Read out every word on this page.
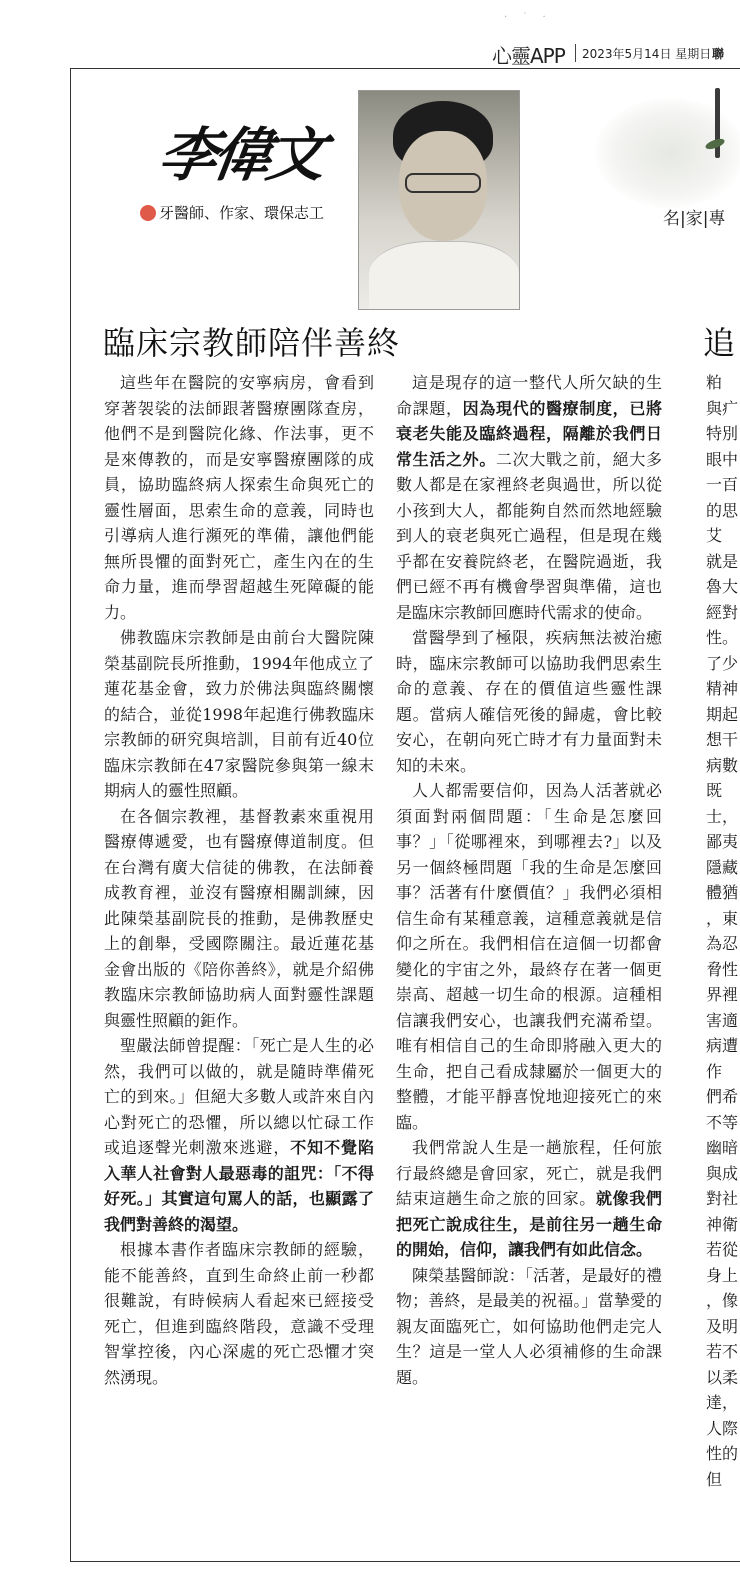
· ˙ ·
心靈APP 2023年5月14日 星期日 聯
李偉文
牙醫師、作家、環保志工	名|家|專
臨床宗教師陪伴善終	追

這些年在醫院的安寧病房，會看到穿著袈裟的法師跟著醫療團隊查房，他們不是到醫院化緣、作法事，更不是來傳教的，而是安寧醫療團隊的成員，協助臨終病人探索生命與死亡的靈性層面，思索生命的意義，同時也引導病人進行瀕死的準備，讓他們能無所畏懼的面對死亡，產生內在的生命力量，進而學習超越生死障礙的能力。

佛教臨床宗教師是由前台大醫院陳榮基副院長所推動，1994年他成立了蓮花基金會，致力於佛法與臨終關懷的結合，並從1998年起進行佛教臨床宗教師的研究與培訓，目前有近40位臨床宗教師在47家醫院參與第一線末期病人的靈性照顧。

在各個宗教裡，基督教素來重視用醫療傳遞愛，也有醫療傳道制度。但在台灣有廣大信徒的佛教，在法師養成教育裡，並沒有醫療相關訓練，因此陳榮基副院長的推動，是佛教歷史上的創舉，受國際關注。最近蓮花基金會出版的《陪你善終》，就是介紹佛教臨床宗教師協助病人面對靈性課題與靈性照顧的鉅作。

聖嚴法師曾提醒：「死亡是人生的必然，我們可以做的，就是隨時準備死亡的到來。」但絕大多數人或許來自內心對死亡的恐懼，所以總以忙碌工作或追逐聲光刺激來逃避，不知不覺陷入華人社會對人最惡毒的詛咒：「不得好死。」其實這句罵人的話，也顯露了我們對善終的渴望。

根據本書作者臨床宗教師的經驗，能不能善終，直到生命終止前一秒都很難說，有時候病人看起來已經接受死亡，但進到臨終階段，意識不受理智掌控後，內心深處的死亡恐懼才突然湧現。

這是現存的這一整代人所欠缺的生命課題，因為現代的醫療制度，已將衰老失能及臨終過程，隔離於我們日常生活之外。二次大戰之前，絕大多數人都是在家裡終老與過世，所以從小孩到大人，都能夠自然而然地經驗到人的衰老與死亡過程，但是現在幾乎都在安養院終老，在醫院過逝，我們已經不再有機會學習與準備，這也是臨床宗教師回應時代需求的使命。

當醫學到了極限，疾病無法被治癒時，臨床宗教師可以協助我們思索生命的意義、存在的價值這些靈性課題。當病人確信死後的歸處，會比較安心，在朝向死亡時才有力量面對未知的未來。

人人都需要信仰，因為人活著就必須面對兩個問題：「生命是怎麼回事？」「從哪裡來，到哪裡去?」以及另一個終極問題「我的生命是怎麼回事？活著有什麼價值？」我們必須相信生命有某種意義，這種意義就是信仰之所在。我們相信在這個一切都會變化的宇宙之外，最終存在著一個更崇高、超越一切生命的根源。這種相信讓我們安心，也讓我們充滿希望。唯有相信自己的生命即將融入更大的生命，把自己看成隸屬於一個更大的整體，才能平靜喜悅地迎接死亡的來臨。

我們常說人生是一趟旅程，任何旅行最終總是會回家，死亡，就是我們結束這趟生命之旅的回家。就像我們把死亡說成往生，是前往另一趟生命的開始，信仰，讓我們有如此信念。

陳榮基醫師說：「活著，是最好的禮物；善終，是最美的祝福。」當摯愛的親友面臨死亡，如何協助他們走完人生？這是一堂人人必須補修的生命課題。

粕
與疒
特別
眼中
一百
的思
艾
就是
魯大
經對
性。
了少
精神
期起
想干
病數
既
士，
鄙夷
隱藏
體猶
，東
為忍
脅性
界裡
害適
病遭
作
們希
不等
幽暗
與成
對社
神衛
若從
身上
，像
及明
若不
以柔
達，
人際
性的
但
